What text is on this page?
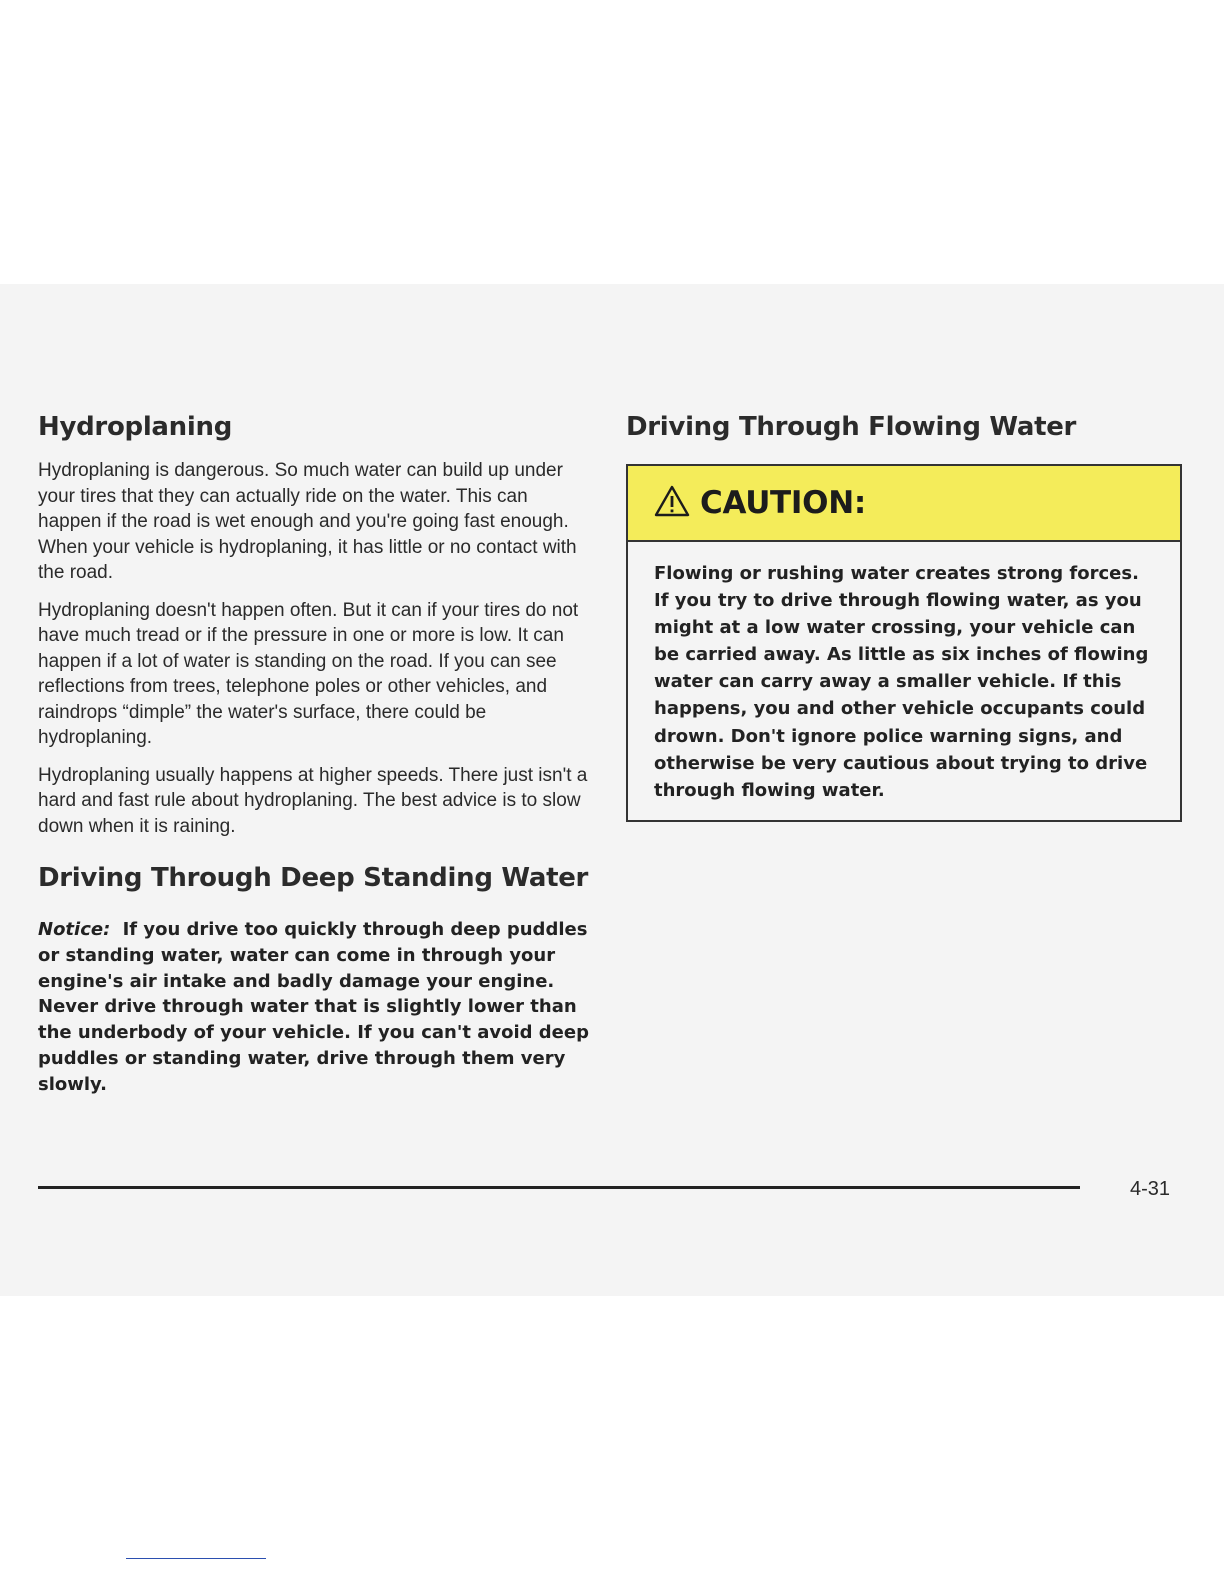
Hydroplaning

Hydroplaning is dangerous. So much water can build up under your tires that they can actually ride on the water. This can happen if the road is wet enough and you're going fast enough. When your vehicle is hydroplaning, it has little or no contact with the road.

Hydroplaning doesn't happen often. But it can if your tires do not have much tread or if the pressure in one or more is low. It can happen if a lot of water is standing on the road. If you can see reflections from trees, telephone poles or other vehicles, and raindrops “dimple” the water's surface, there could be hydroplaning.

Hydroplaning usually happens at higher speeds. There just isn't a hard and fast rule about hydroplaning. The best advice is to slow down when it is raining.

Driving Through Deep Standing Water

Notice: If you drive too quickly through deep puddles or standing water, water can come in through your engine's air intake and badly damage your engine. Never drive through water that is slightly lower than the underbody of your vehicle. If you can't avoid deep puddles or standing water, drive through them very slowly.

Driving Through Flowing Water
CAUTION:

Flowing or rushing water creates strong forces. If you try to drive through flowing water, as you might at a low water crossing, your vehicle can be carried away. As little as six inches of flowing water can carry away a smaller vehicle. If this happens, you and other vehicle occupants could drown. Don't ignore police warning signs, and otherwise be very cautious about trying to drive through flowing water.

4-31
